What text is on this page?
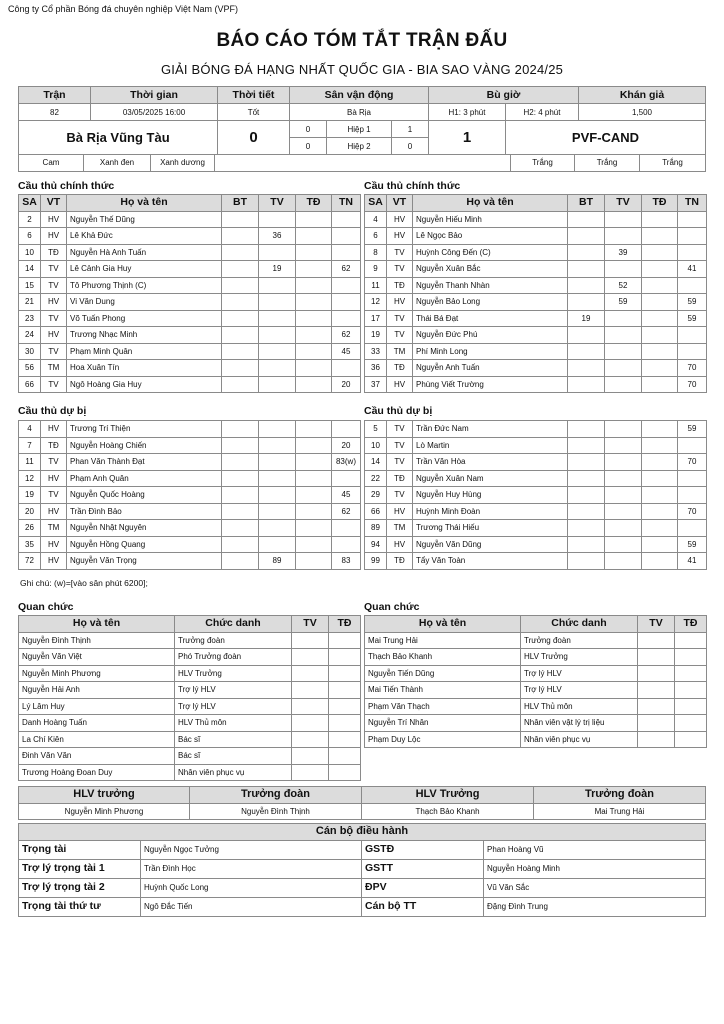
Công ty Cổ phần Bóng đá chuyên nghiệp Việt Nam (VPF)
BÁO CÁO TÓM TẮT TRẬN ĐẤU
GIẢI BÓNG ĐÁ HẠNG NHẤT QUỐC GIA - BIA SAO VÀNG 2024/25
Trận	Thời gian	Thời tiết	Sân vận động			Bù giờ		Khán giả
82	03/05/2025 16:00	Tốt	Bà Rịa			H1: 3 phút	H2: 4 phút	1,500
Bà Rịa Vũng Tàu		0	0	Hiệp 1	1	1	PVF-CAND	
			0	Hiệp 2	0			
Cam	Xanh đen	Xanh dương		Trắng	Trắng	Trắng
Cầu thủ chính thức	Cầu thủ chính thức
SA	VT	Họ và tên	BT	TV	TĐ	TN
2	HV	Nguyễn Thế Dũng				
6	HV	Lê Khả Đức		36		
10	TĐ	Nguyễn Hà Anh Tuấn				
14	TV	Lê Cảnh Gia Huy		19		62
15	TV	Tô Phương Thịnh (C)				
21	HV	Vi Văn Dung				
23	TV	Võ Tuấn Phong				
24	HV	Trương Nhạc Minh				62
30	TV	Phạm Minh Quân				45
56	TM	Hoa Xuân Tín				
66	TV	Ngô Hoàng Gia Huy				20
SA	VT	Họ và tên	BT	TV	TĐ	TN
4	HV	Nguyễn Hiếu Minh				
6	HV	Lê Ngọc Bảo				
8	TV	Huỳnh Công Đến (C)		39		
9	TV	Nguyễn Xuân Bắc				41
11	TĐ	Nguyễn Thanh Nhàn		52		
12	HV	Nguyễn Bảo Long		59		59
17	TV	Thái Bá Đạt	19			59
19	TV	Nguyễn Đức Phú				
33	TM	Phí Minh Long				
36	TĐ	Nguyễn Anh Tuấn				70
37	HV	Phùng Viết Trường				70
Cầu thủ dự bị	Cầu thủ dự bị
4	HV	Trương Trí Thiện				
7	TĐ	Nguyễn Hoàng Chiến				20
11	TV	Phan Văn Thành Đạt				83(w)
12	HV	Phạm Anh Quân				
19	TV	Nguyễn Quốc Hoàng				45
20	HV	Trần Đình Bảo				62
26	TM	Nguyễn Nhật Nguyên				
35	HV	Nguyễn Hồng Quang				
72	HV	Nguyễn Văn Trọng		89		83
5	TV	Trần Đức Nam				59
10	TV	Lò Martin				
14	TV	Trần Văn Hòa				70
22	TĐ	Nguyễn Xuân Nam				
29	TV	Nguyễn Huy Hùng				
66	HV	Huỳnh Minh Đoàn				70
89	TM	Trương Thái Hiếu				
94	HV	Nguyễn Văn Dũng				59
99	TĐ	Tẩy Văn Toàn				41
Ghi chú: (w)=[vào sân phút 6200];
Quan chức	Quan chức
Họ và tên	Chức danh	TV	TĐ
Nguyễn Đình Thịnh	Trưởng đoàn		
Nguyễn Văn Việt	Phó Trưởng đoàn		
Nguyễn Minh Phương	HLV Trưởng		
Nguyễn Hải Anh	Trợ lý HLV		
Lý Lâm Huy	Trợ lý HLV		
Danh Hoàng Tuấn	HLV Thủ môn		
La Chí Kiên	Bác sĩ		
Đinh Văn Văn	Bác sĩ		
Trương Hoàng Đoan Duy	Nhân viên phục vụ		
Họ và tên	Chức danh	TV	TĐ
Mai Trung Hải	Trưởng đoàn		
Thạch Bảo Khanh	HLV Trưởng		
Nguyễn Tiến Dũng	Trợ lý HLV		
Mai Tiến Thành	Trợ lý HLV		
Phạm Văn Thạch	HLV Thủ môn		
Nguyễn Trí Nhân	Nhân viên vật lý trị liệu		
Phạm Duy Lộc	Nhân viên phục vụ		
HLV trưởng	Trưởng đoàn	HLV Trưởng	Trưởng đoàn
Nguyễn Minh Phương	Nguyễn Đình Thịnh	Thạch Bảo Khanh	Mai Trung Hải
Cán bộ điều hành			
Trọng tài	Nguyễn Ngọc Tưởng	GSTĐ	Phan Hoàng Vũ
Trợ lý trọng tài 1	Trần Đình Học	GSTT	Nguyễn Hoàng Minh
Trợ lý trọng tài 2	Huỳnh Quốc Long	ĐPV	Vũ Văn Sắc
Trọng tài thứ tư	Ngô Đắc Tiến	Cán bộ TT	Đặng Đình Trung
